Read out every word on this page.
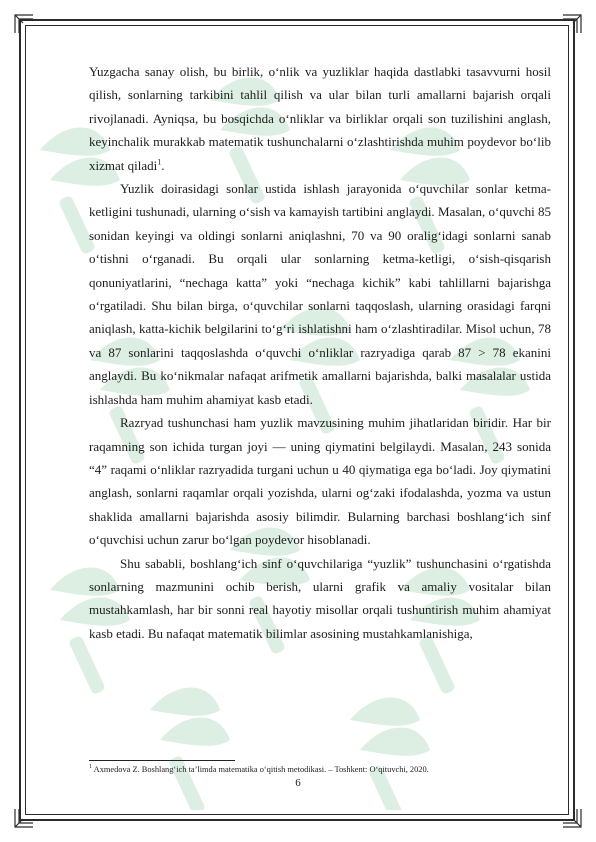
Yuzgacha sanay olish, bu birlik, o‘nlik va yuzliklar haqida dastlabki tasavvurni hosil qilish, sonlarning tarkibini tahlil qilish va ular bilan turli amallarni bajarish orqali rivojlanadi. Ayniqsa, bu bosqichda o‘nliklar va birliklar orqali son tuzilishini anglash, keyinchalik murakkab matematik tushunchalarni o‘zlashtirishda muhim poydevor bo‘lib xizmat qiladi$^1$.

Yuzlik doirasidagi sonlar ustida ishlash jarayonida o‘quvchilar sonlar ketma-ketligini tushunadi, ularning o‘sish va kamayish tartibini anglaydi. Masalan, o‘quvchi 85 sonidan keyingi va oldingi sonlarni aniqlashni, 70 va 90 oralig‘idagi sonlarni sanab o‘tishni o‘rganadi. Bu orqali ular sonlarning ketma-ketligi, o‘sish-qisqarish qonuniyatlarini, “nechaga katta” yoki “nechaga kichik” kabi tahlillarni bajarishga o‘rgatiladi. Shu bilan birga, o‘quvchilar sonlarni taqqoslash, ularning orasidagi farqni aniqlash, katta-kichik belgilarini to‘g‘ri ishlatishni ham o‘zlashtiradilar. Misol uchun, 78 va 87 sonlarini taqqoslashda o‘quvchi o‘nliklar razryadiga qarab 87 > 78 ekanini anglaydi. Bu ko‘nikmalar nafaqat arifmetik amallarni bajarishda, balki masalalar ustida ishlashda ham muhim ahamiyat kasb etadi.

Razryad tushunchasi ham yuzlik mavzusining muhim jihatlaridan biridir. Har bir raqamning son ichida turgan joyi — uning qiymatini belgilaydi. Masalan, 243 sonida “4” raqami o‘nliklar razryadida turgani uchun u 40 qiymatiga ega bo‘ladi. Joy qiymatini anglash, sonlarni raqamlar orqali yozishda, ularni og‘zaki ifodalashda, yozma va ustun shaklida amallarni bajarishda asosiy bilimdir. Bularning barchasi boshlang‘ich sinf o‘quvchisi uchun zarur bo‘lgan poydevor hisoblanadi.

Shu sababli, boshlang‘ich sinf o‘quvchilariga “yuzlik” tushunchasini o‘rgatishda sonlarning mazmunini ochib berish, ularni grafik va amaliy vositalar bilan mustahkamlash, har bir sonni real hayotiy misollar orqali tushuntirish muhim ahamiyat kasb etadi. Bu nafaqat matematik bilimlar asosining mustahkamlanishiga,

$^1$ Axmedova Z. Boshlang‘ich ta’limda matematika o‘qitish metodikasi. – Toshkent: O‘qituvchi, 2020.
6
